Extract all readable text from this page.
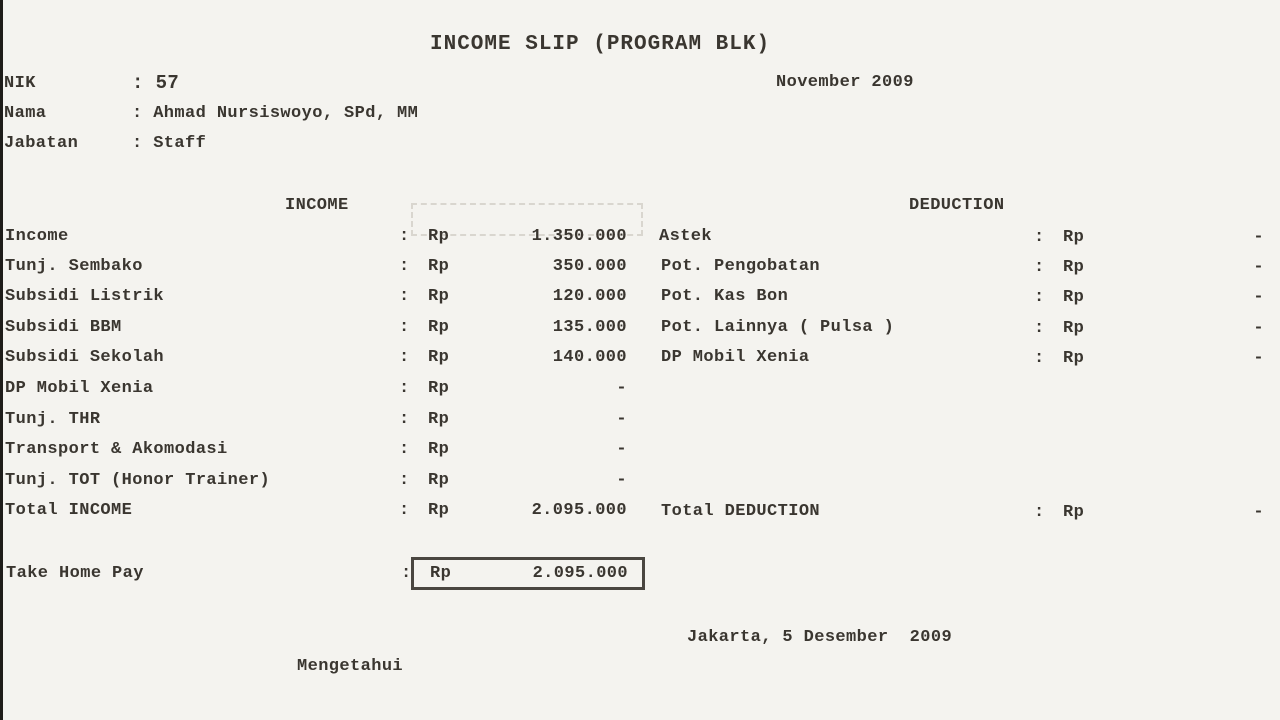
INCOME SLIP (PROGRAM BLK)
November 2009
NIK	: 57
Nama	: Ahmad Nursiswoyo, SPd, MM
Jabatan	: Staff
INCOME	DEDUCTION
Income	: Rp	1.350.000
Tunj. Sembako	: Rp	350.000
Subsidi Listrik	: Rp	120.000
Subsidi BBM	: Rp	135.000
Subsidi Sekolah	: Rp	140.000
DP Mobil Xenia	: Rp	-
Tunj. THR	: Rp	-
Transport & Akomodasi	: Rp	-
Tunj. TOT (Honor Trainer)	: Rp	-
Total INCOME	: Rp	2.095.000
Astek	: Rp	-
Pot. Pengobatan	: Rp	-
Pot. Kas Bon	: Rp	-
Pot. Lainnya ( Pulsa )	: Rp	-
DP Mobil Xenia	: Rp	-
Total DEDUCTION	: Rp	-
Take Home Pay	: Rp	2.095.000
Jakarta, 5 Desember  2009
Mengetahui
